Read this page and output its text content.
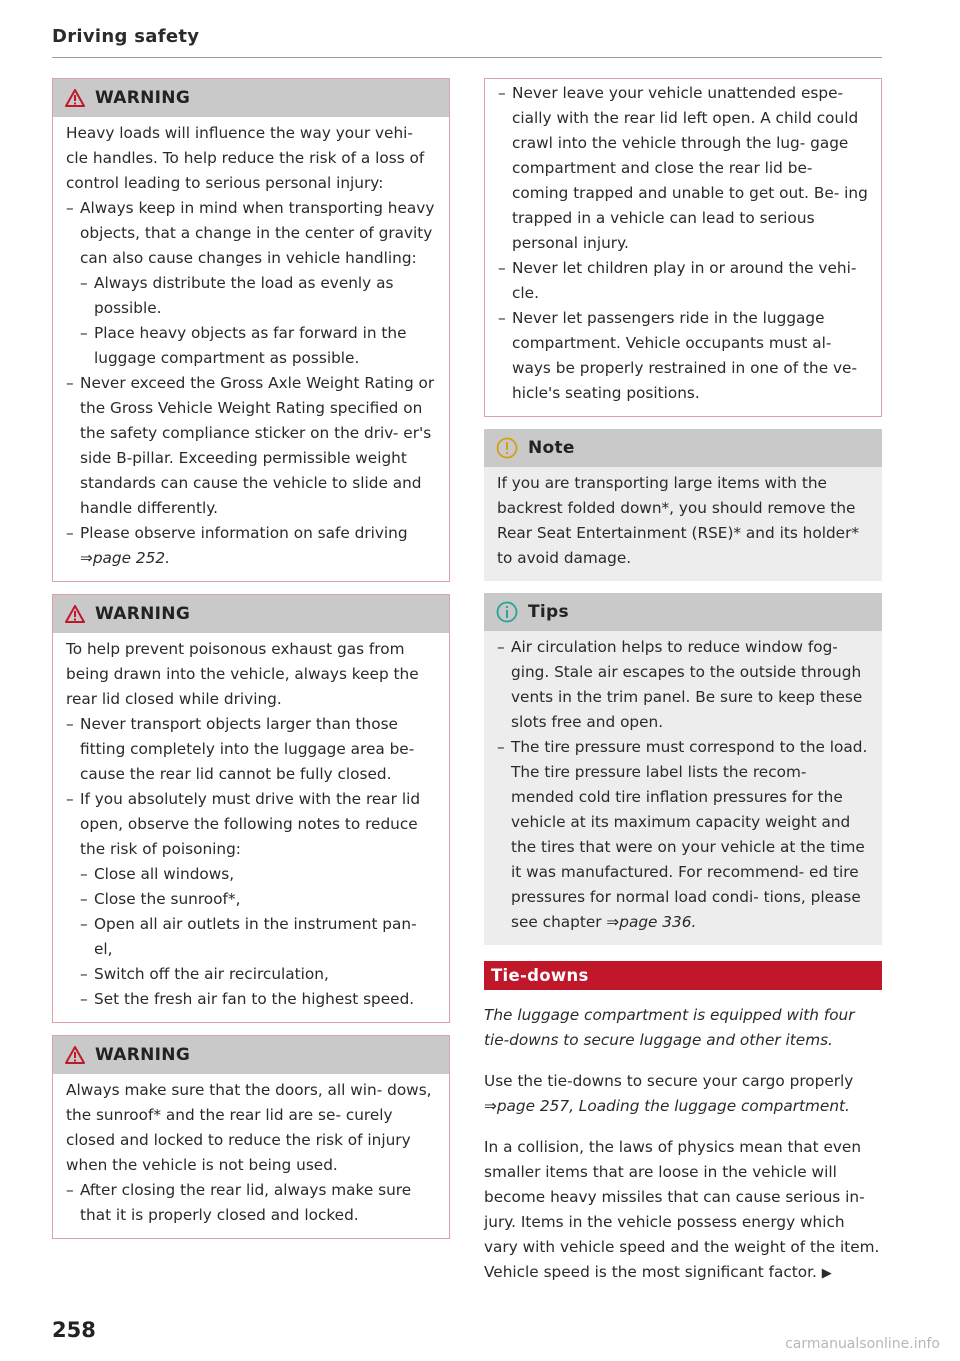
Driving safety
WARNING

Heavy loads will influence the way your vehi- cle handles. To help reduce the risk of a loss of control leading to serious personal injury:

– Always keep in mind when transporting heavy objects, that a change in the center of gravity can also cause changes in vehicle handling:

– Always distribute the load as evenly as possible.

– Place heavy objects as far forward in the luggage compartment as possible.

– Never exceed the Gross Axle Weight Rating or the Gross Vehicle Weight Rating specified on the safety compliance sticker on the driv- er's side B-pillar. Exceeding permissible weight standards can cause the vehicle to slide and handle differently.

– Please observe information on safe driving
⇒page 252.

WARNING

To help prevent poisonous exhaust gas from being drawn into the vehicle, always keep the rear lid closed while driving.

– Never transport objects larger than those fitting completely into the luggage area be- cause the rear lid cannot be fully closed.

– If you absolutely must drive with the rear lid open, observe the following notes to reduce the risk of poisoning:

– Close all windows,

– Close the sunroof*,

– Open all air outlets in the instrument pan- el,

– Switch off the air recirculation,

– Set the fresh air fan to the highest speed.

WARNING

Always make sure that the doors, all win- dows, the sunroof* and the rear lid are se- curely closed and locked to reduce the risk of injury when the vehicle is not being used.

– After closing the rear lid, always make sure that it is properly closed and locked.

– Never leave your vehicle unattended espe- cially with the rear lid left open. A child could crawl into the vehicle through the lug- gage compartment and close the rear lid be- coming trapped and unable to get out. Be- ing trapped in a vehicle can lead to serious personal injury.

– Never let children play in or around the vehi- cle.

– Never let passengers ride in the luggage compartment. Vehicle occupants must al- ways be properly restrained in one of the ve- hicle's seating positions.

Note

If you are transporting large items with the backrest folded down*, you should remove the Rear Seat Entertainment (RSE)* and its holder* to avoid damage.

Tips

– Air circulation helps to reduce window fog- ging. Stale air escapes to the outside through vents in the trim panel. Be sure to keep these slots free and open.

– The tire pressure must correspond to the load. The tire pressure label lists the recom- mended cold tire inflation pressures for the vehicle at its maximum capacity weight and the tires that were on your vehicle at the time it was manufactured. For recommend- ed tire pressures for normal load condi- tions, please see chapter ⇒page 336.

Tie-downs

The luggage compartment is equipped with four tie-downs to secure luggage and other items.

Use the tie-downs to secure your cargo properly ⇒page 257, Loading the luggage compartment.

In a collision, the laws of physics mean that even smaller items that are loose in the vehicle will become heavy missiles that can cause serious in- jury. Items in the vehicle possess energy which vary with vehicle speed and the weight of the item. Vehicle speed is the most significant factor. ▶

258
carmanualsonline.info
